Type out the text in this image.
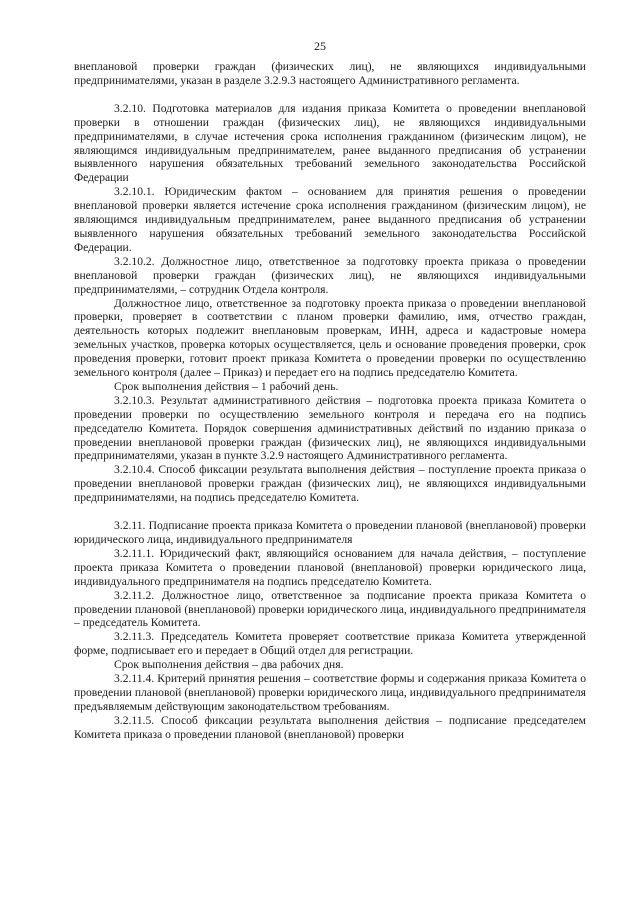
25

внеплановой проверки граждан (физических лиц), не являющихся индивидуальными предпринимателями, указан в разделе 3.2.9.3 настоящего Административного регламента.

3.2.10. Подготовка материалов для издания приказа Комитета о проведении внеплановой проверки в отношении граждан (физических лиц), не являющихся индивидуальными предпринимателями, в случае истечения срока исполнения гражданином (физическим лицом), не являющимся индивидуальным предпринимателем, ранее выданного предписания об устранении выявленного нарушения обязательных требований земельного законодательства Российской Федерации

3.2.10.1. Юридическим фактом – основанием для принятия решения о проведении внеплановой проверки является истечение срока исполнения гражданином (физическим лицом), не являющимся индивидуальным предпринимателем, ранее выданного предписания об устранении выявленного нарушения обязательных требований земельного законодательства Российской Федерации.

3.2.10.2. Должностное лицо, ответственное за подготовку проекта приказа о проведении внеплановой проверки граждан (физических лиц), не являющихся индивидуальными предпринимателями, – сотрудник Отдела контроля.

Должностное лицо, ответственное за подготовку проекта приказа о проведении внеплановой проверки, проверяет в соответствии с планом проверки фамилию, имя, отчество граждан, деятельность которых подлежит внеплановым проверкам, ИНН, адреса и кадастровые номера земельных участков, проверка которых осуществляется, цель и основание проведения проверки, срок проведения проверки, готовит проект приказа Комитета о проведении проверки по осуществлению земельного контроля (далее – Приказ) и передает его на подпись председателю Комитета.

Срок выполнения действия – 1 рабочий день.

3.2.10.3. Результат административного действия – подготовка проекта приказа Комитета о проведении проверки по осуществлению земельного контроля и передача его на подпись председателю Комитета. Порядок совершения административных действий по изданию приказа о проведении внеплановой проверки граждан (физических лиц), не являющихся индивидуальными предпринимателями, указан в пункте 3.2.9 настоящего Административного регламента.

3.2.10.4. Способ фиксации результата выполнения действия – поступление проекта приказа о проведении внеплановой проверки граждан (физических лиц), не являющихся индивидуальными предпринимателями, на подпись председателю Комитета.

3.2.11. Подписание проекта приказа Комитета о проведении плановой (внеплановой) проверки юридического лица, индивидуального предпринимателя

3.2.11.1. Юридический факт, являющийся основанием для начала действия, – поступление проекта приказа Комитета о проведении плановой (внеплановой) проверки юридического лица, индивидуального предпринимателя на подпись председателю Комитета.

3.2.11.2. Должностное лицо, ответственное за подписание проекта приказа Комитета о проведении плановой (внеплановой) проверки юридического лица, индивидуального предпринимателя – председатель Комитета.

3.2.11.3. Председатель Комитета проверяет соответствие приказа Комитета утвержденной форме, подписывает его и передает в Общий отдел для регистрации.

Срок выполнения действия – два рабочих дня.

3.2.11.4. Критерий принятия решения – соответствие формы и содержания приказа Комитета о проведении плановой (внеплановой) проверки юридического лица, индивидуального предпринимателя предъявляемым действующим законодательством требованиям.

3.2.11.5. Способ фиксации результата выполнения действия – подписание председателем Комитета приказа о проведении плановой (внеплановой) проверки
